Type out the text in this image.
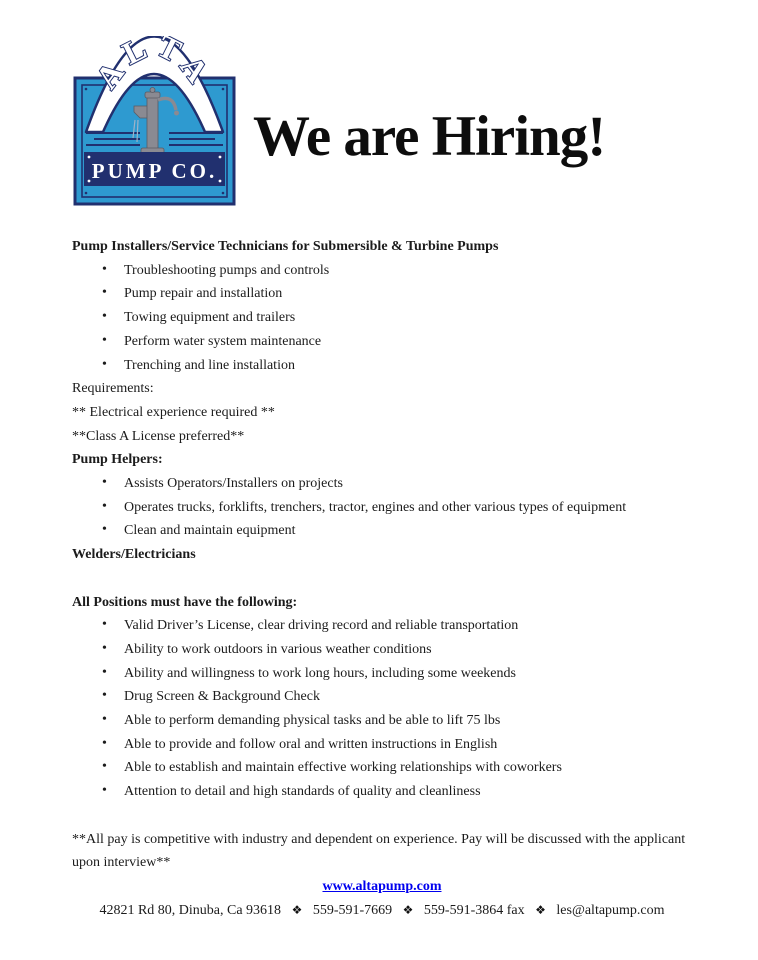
PUMP CO.
ALTA
We are Hiring!
Pump Installers/Service Technicians for Submersible & Turbine Pumps
• Troubleshooting pumps and controls
• Pump repair and installation
• Towing equipment and trailers
• Perform water system maintenance
• Trenching and line installation

Requirements:

** Electrical experience required **

**Class A License preferred**

Pump Helpers:
• Assists Operators/Installers on projects
• Operates trucks, forklifts, trenchers, tractor, engines and other various types of equipment
• Clean and maintain equipment
Welders/Electricians
All Positions must have the following:
• Valid Driver’s License, clear driving record and reliable transportation
• Ability to work outdoors in various weather conditions
• Ability and willingness to work long hours, including some weekends
• Drug Screen & Background Check
• Able to perform demanding physical tasks and be able to lift 75 lbs
• Able to provide and follow oral and written instructions in English
• Able to establish and maintain effective working relationships with coworkers
• Attention to detail and high standards of quality and cleanliness

**All pay is competitive with industry and dependent on experience. Pay will be discussed with the applicant upon interview**

www.altapump.com

42821 Rd 80, Dinuba, Ca 93618 ❖ 559-591-7669 ❖ 559-591-3864 fax ❖ les@altapump.com
